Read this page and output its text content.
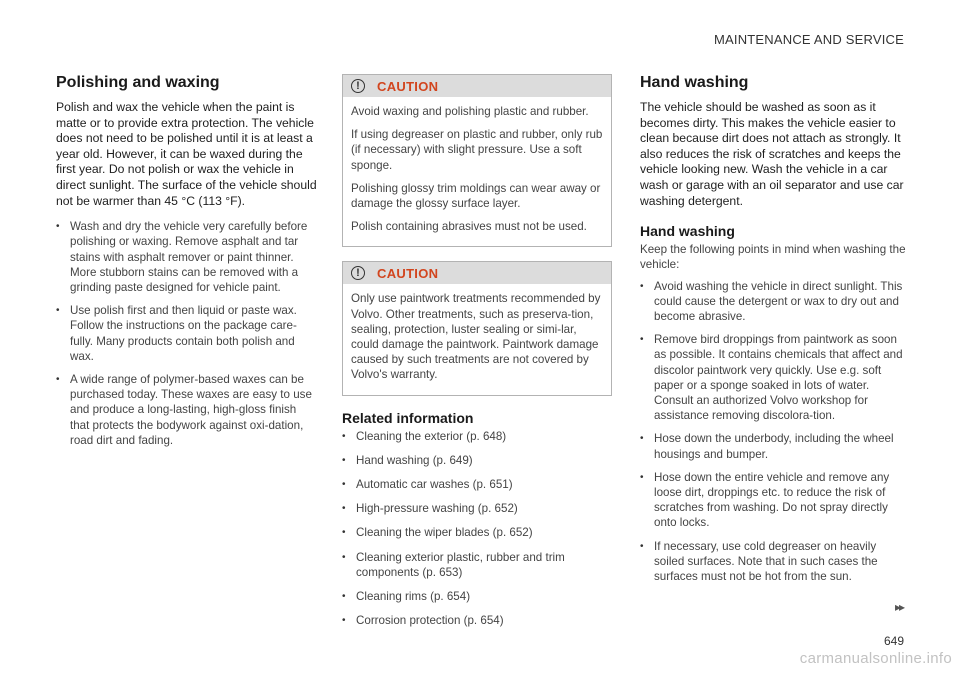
MAINTENANCE AND SERVICE
Polishing and waxing

Polish and wax the vehicle when the paint is matte or to provide extra protection. The vehicle does not need to be polished until it is at least a year old. However, it can be waxed during the first year. Do not polish or wax the vehicle in direct sunlight. The surface of the vehicle should not be warmer than 45 °C (113 °F).

• Wash and dry the vehicle very carefully before polishing or waxing. Remove asphalt and tar stains with asphalt remover or paint thinner. More stubborn stains can be removed with a grinding paste designed for vehicle paint.
• Use polish first and then liquid or paste wax. Follow the instructions on the package care-fully. Many products contain both polish and wax.
• A wide range of polymer-based waxes can be purchased today. These waxes are easy to use and produce a long-lasting, high-gloss finish that protects the bodywork against oxi-dation, road dirt and fading.
!	CAUTION

Avoid waxing and polishing plastic and rubber.

If using degreaser on plastic and rubber, only rub (if necessary) with slight pressure. Use a soft sponge.

Polishing glossy trim moldings can wear away or damage the glossy surface layer.

Polish containing abrasives must not be used.

!	CAUTION

Only use paintwork treatments recommended by Volvo. Other treatments, such as preserva-tion, sealing, protection, luster sealing or simi-lar, could damage the paintwork. Paintwork damage caused by such treatments are not covered by Volvo's warranty.

Related information
• Cleaning the exterior (p. 648)
• Hand washing (p. 649)
• Automatic car washes (p. 651)
• High-pressure washing (p. 652)
• Cleaning the wiper blades (p. 652)
• Cleaning exterior plastic, rubber and trim components (p. 653)
• Cleaning rims (p. 654)
• Corrosion protection (p. 654)
Hand washing

The vehicle should be washed as soon as it becomes dirty. This makes the vehicle easier to clean because dirt does not attach as strongly. It also reduces the risk of scratches and keeps the vehicle looking new. Wash the vehicle in a car wash or garage with an oil separator and use car washing detergent.

Hand washing

Keep the following points in mind when washing the vehicle:

• Avoid washing the vehicle in direct sunlight. This could cause the detergent or wax to dry out and become abrasive.
• Remove bird droppings from paintwork as soon as possible. It contains chemicals that affect and discolor paintwork very quickly. Use e.g. soft paper or a sponge soaked in lots of water. Consult an authorized Volvo workshop for assistance removing discolora-tion.
• Hose down the underbody, including the wheel housings and bumper.
• Hose down the entire vehicle and remove any loose dirt, droppings etc. to reduce the risk of scratches from washing. Do not spray directly onto locks.
• If necessary, use cold degreaser on heavily soiled surfaces. Note that in such cases the surfaces must not be hot from the sun.
▸▸
649
carmanualsonline.info
